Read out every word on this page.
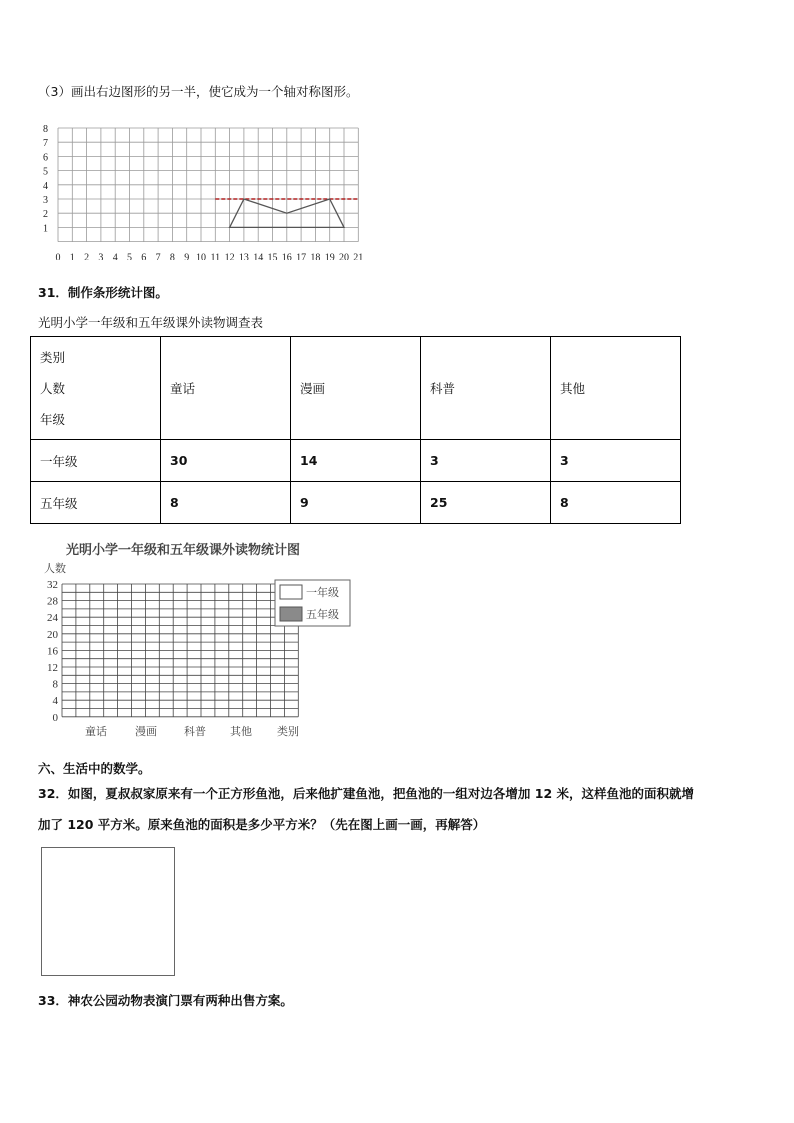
（3）画出右边图形的另一半，使它成为一个轴对称图形。
0 1 2 3 4 5 6 7 8 9 10 11 12 13 14 15 16 17 18 19 20 21
1
2
3
4
5
6
7
8
31．制作条形统计图。
光明小学一年级和五年级课外读物调查表
类别
人数
年级	童话	漫画	科普	其他
一年级	30	14	3	3
五年级	8	9	25	8
光明小学一年级和五年级课外读物统计图
人数
0
4
8
12
16
20
24
28
32
童话	漫画 科普 其他 类别
一年级
五年级
六、生活中的数学。
32．如图，夏叔叔家原来有一个正方形鱼池，后来他扩建鱼池，把鱼池的一组对边各增加 12 米，这样鱼池的面积就增
加了 120 平方米。原来鱼池的面积是多少平方米？（先在图上画一画，再解答）
33．神农公园动物表演门票有两种出售方案。
